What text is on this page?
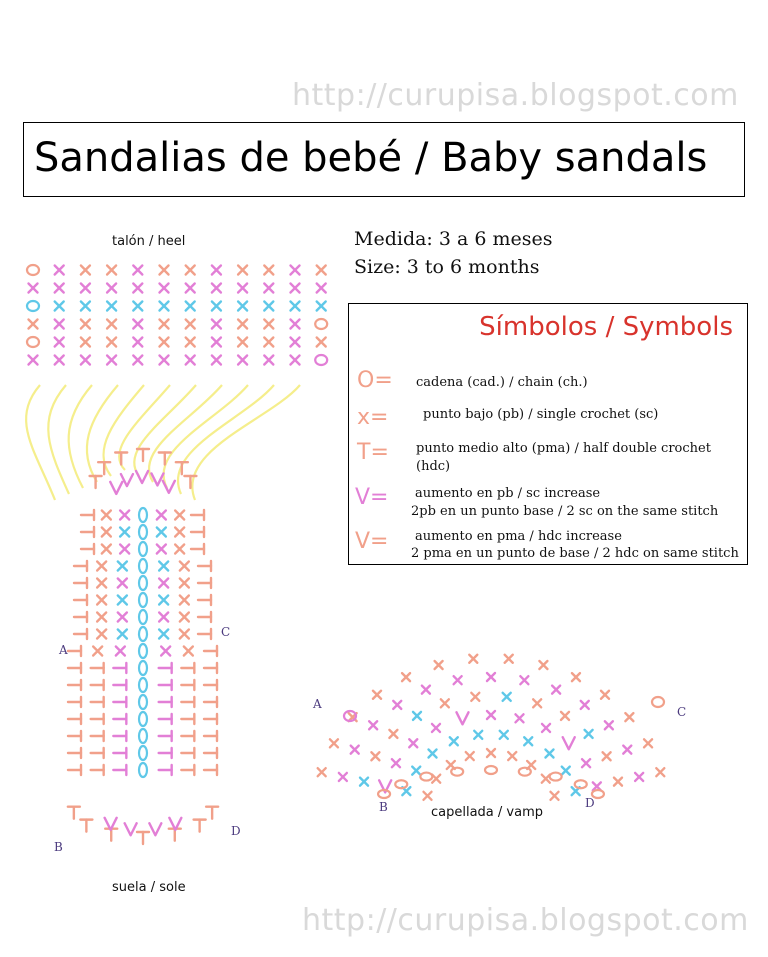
http://curupisa.blogspot.com
Sandalias de bebé / Baby sandals
Medida: 3 a 6 meses
Size: 3 to 6 months
Símbolos / Symbols
O= cadena (cad.) / chain (ch.)
x=	punto bajo (pb) / single crochet (sc)
T= punto medio alto (pma) / half double crochet
(hdc)
V= aumento en pb / sc increase
2pb en un punto base / 2 sc on the same stitch
V= aumento en pma / hdc increase
2 pma en un punto de base / 2 hdc on same stitch
talón / heel
suela / sole
capellada / vamp
A
B
C
D
A
B
C
D
http://curupisa.blogspot.com
